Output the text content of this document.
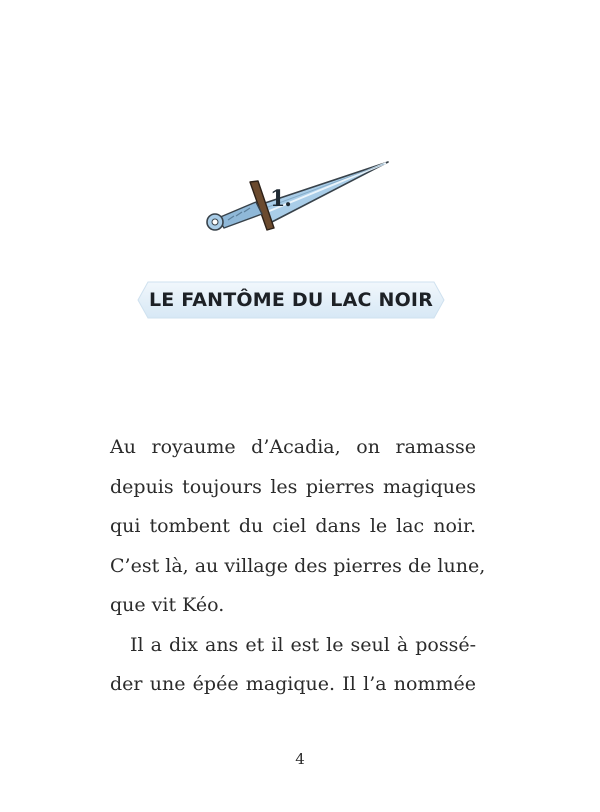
1.
LE FANTÔME DU LAC NOIR
Au royaume d’Acadia, on ramasse
depuis toujours les pierres magiques
qui tombent du ciel dans le lac noir.
C’est là, au village des pierres de lune,
que vit Kéo.
Il a dix ans et il est le seul à possé-
der une épée magique. Il l’a nommée
4
